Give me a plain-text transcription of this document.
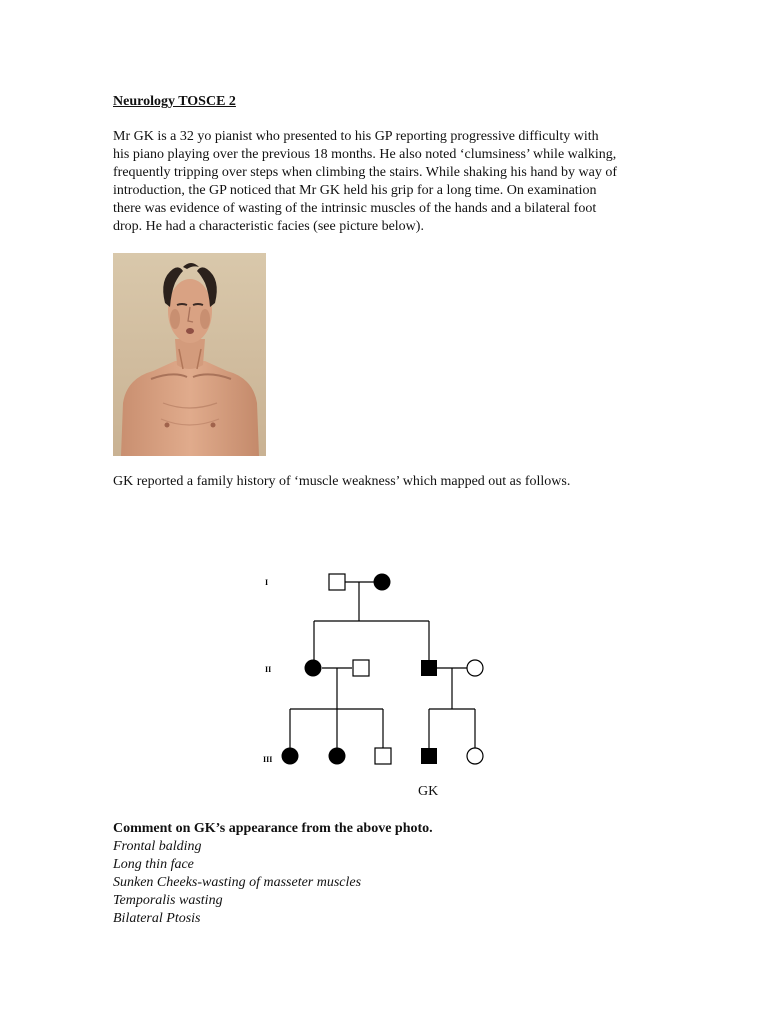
Neurology TOSCE 2

Mr GK is a 32 yo pianist who presented to his GP reporting progressive difficulty with

his piano playing over the previous 18 months. He also noted ‘clumsiness’ while walking,

frequently tripping over steps when climbing the stairs. While shaking his hand by way of

introduction, the GP noticed that Mr GK held his grip for a long time. On examination

there was evidence of wasting of the intrinsic muscles of the hands and a bilateral foot

drop. He had a characteristic facies (see picture below).

GK reported a family history of ‘muscle weakness’ which mapped out as follows.
I
II
III
GK
Comment on GK’s appearance from the above photo.
Frontal balding
Long thin face
Sunken Cheeks-wasting of masseter muscles
Temporalis wasting
Bilateral Ptosis
